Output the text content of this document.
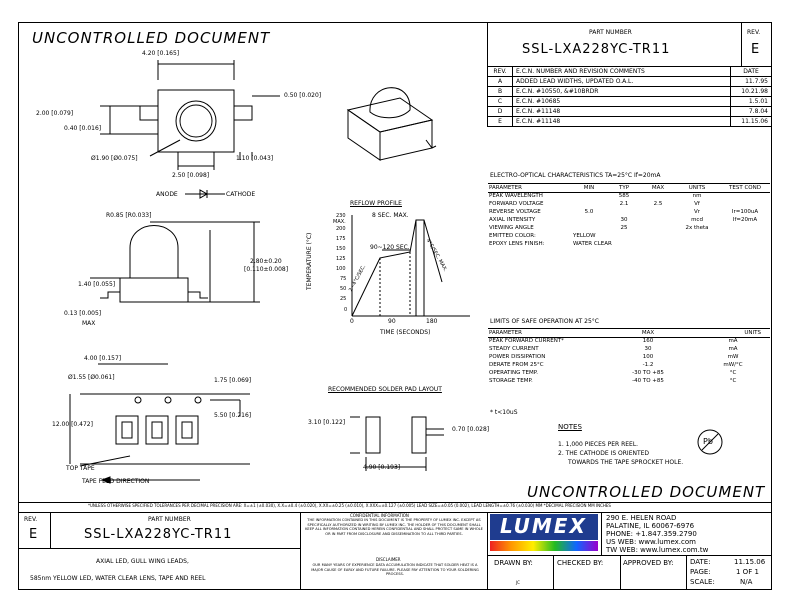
UNCONTROLLED DOCUMENT	PART NUMBER
SSL-LXA228YC-TR11
REV.
E
REV.	E.C.N. NUMBER AND REVISION COMMENTS	DATE
A	ADDED LEAD WIDTHS, UPDATED O.A.L.	11.7.95
B	E.C.N. #10550, &#10BRDR	10.21.98
C	E.C.N. #10685	1.5.01
D	E.C.N. #11148	7.8.04
E	E.C.N. #11148	11.15.06
4.20 [0.165]
0.50 [0.020]
2.00 [0.079]
0.40 [0.016]
Ø1.90 [Ø0.075]	1.10 [0.043]
2.50 [0.098]
ANODE	CATHODE
R0.85 [R0.033]
2.80±0.20
[0.110±0.008]
1.40 [0.055]
0.13 [0.005]
MAX
REFLOW PROFILE
TEMPERATURE (°C)
230
MAX.
200
175
150
125
100
75
50
25
0
0	90	180
TIME (SECONDS)
8 SEC. MAX.
90~120 SEC.	4°C/SEC. MAX.
2~4°C/SEC.
ELECTRO-OPTICAL CHARACTERISTICS TA=25°C If=20mA
PARAMETER	MIN	TYP	MAX	UNITS	TEST COND
PEAK WAVELENGTH		585		nm	
FORWARD VOLTAGE		2.1	2.5	Vf	
REVERSE VOLTAGE	5.0			Vr	Ir=100uA
AXIAL INTENSITY		30		mcd	If=20mA
VIEWING ANGLE		25		2x theta	
EMITTED COLOR:	YELLOW				
EPOXY LENS FINISH:	WATER CLEAR				
LIMITS OF SAFE OPERATION AT 25°C
PARAMETER	MAX	UNITS
PEAK FORWARD CURRENT*	160	mA
STEADY CURRENT	30	mA
POWER DISSIPATION	100	mW
DERATE FROM 25°C	-1.2	mW/°C
OPERATING TEMP.	-30 TO +85	°C
STORAGE TEMP.	-40 TO +85	°C
* t<10uS
NOTES
1. 1,000 PIECES PER REEL.
2. THE CATHODE IS ORIENTED
TOWARDS THE TAPE SPROCKET HOLE.
Pb
4.00 [0.157]
Ø1.55 [Ø0.061]	1.75 [0.069]
5.50 [0.216]
12.00 [0.472]
TOP TAPE
TAPE FEED DIRECTION
RECOMMENDED SOLDER PAD LAYOUT
3.10 [0.122]
0.70 [0.028]
4.90 [0.193]
UNCONTROLLED DOCUMENT
*UNLESS OTHERWISE SPECIFIED TOLERANCES PER DECIMAL PRECISION ARE: X=±1 (±0.030), X.X=±0.4 (±0.020), X.XX=±0.25 (±0.010), X.XXX=±0.127 (±0.005) LEAD SIZE=±0.05 (0.002), LEAD LENGTH=±0.76 (±0.030) MM *DECIMAL PRECISION MM INCHES
REV.
E
PART NUMBER
SSL-LXA228YC-TR11
AXIAL LED, GULL WING LEADS,
585nm YELLOW LED, WATER CLEAR LENS, TAPE AND REEL
CONFIDENTIAL INFORMATION
THE INFORMATION CONTAINED IN THIS DOCUMENT IS THE PROPERTY OF LUMEX INC. EXCEPT AS SPECIFICALLY AUTHORIZED IN WRITING BY LUMEX INC. THE HOLDER OF THIS DOCUMENT SHALL KEEP ALL INFORMATION CONTAINED HEREIN CONFIDENTIAL AND SHALL PROTECT SAME IN WHOLE OR IN PART FROM DISCLOSURE AND DISSEMINATION TO ALL THIRD PARTIES.
DISCLAIMER
OUR MANY YEARS OF EXPERIENCE DATA ACCUMULATION INDICATE THAT SOLDER HEAT IS A MAJOR CAUSE OF EARLY AND FUTURE FAILURE. PLEASE PAY ATTENTION TO YOUR SOLDERING PROCESS.
LUMEX	290 E. HELEN ROAD
PALATINE, IL 60067-6976
PHONE: +1.847.359.2790
US WEB: www.lumex.com
TW WEB: www.lumex.com.tw
DRAWN BY:
JC
CHECKED BY:	APPROVED BY: DATE:	11.15.06
PAGE:	1 OF 1
SCALE:	N/A
